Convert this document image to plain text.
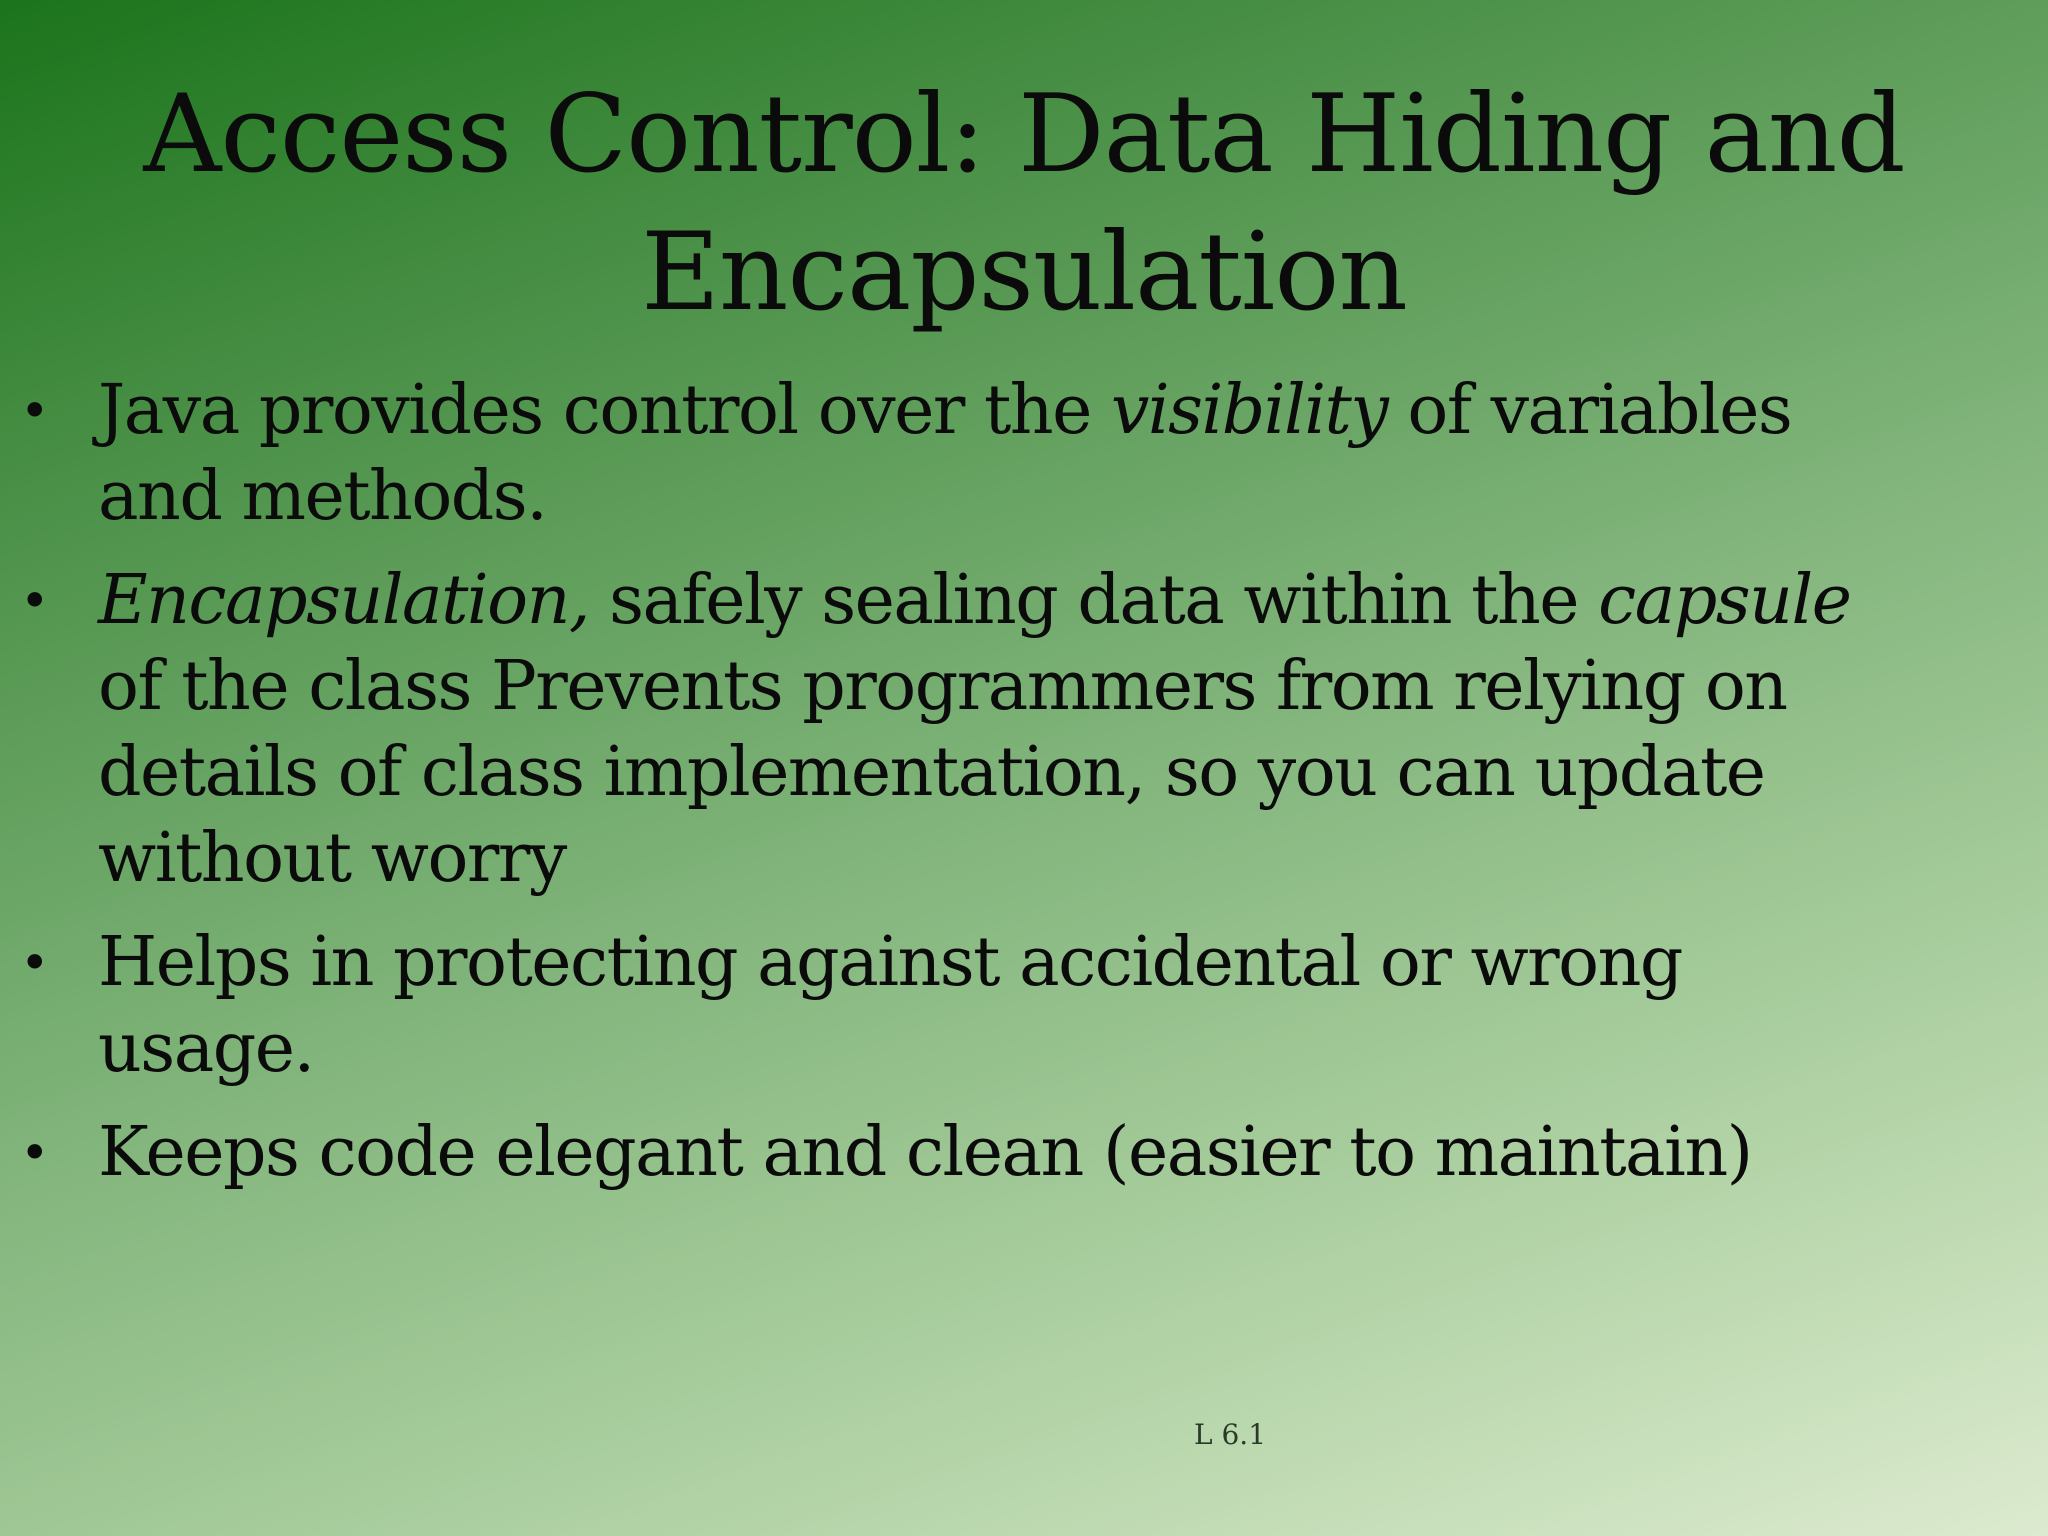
Access Control: Data Hiding and
Encapsulation
• Java provides control over the visibility of variables
and methods.
• Encapsulation, safely sealing data within the capsule
of the class Prevents programmers from relying on
details of class implementation, so you can update
without worry
• Helps in protecting against accidental or wrong
usage.
• Keeps code elegant and clean (easier to maintain)
L 6.1
